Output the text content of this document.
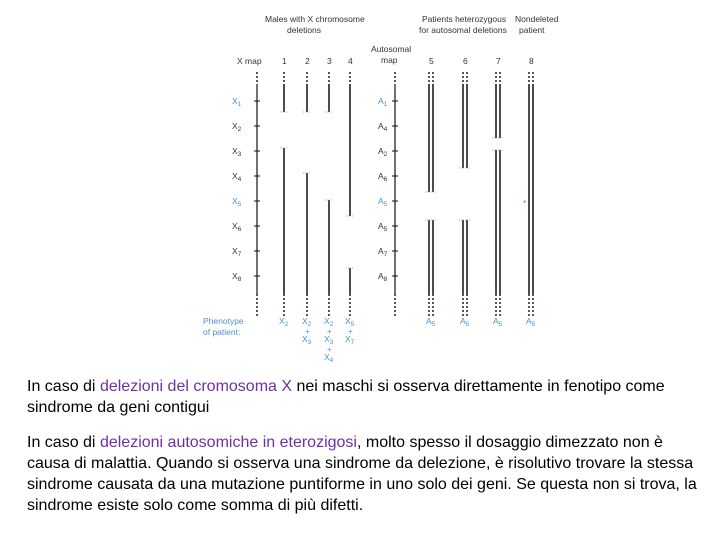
Males with X chromosome
deletions
Patients heterozygous
for autosomal deletions
Nondeleted
patient
X map
Autosomal
map
Phenotype
of patient:
*
1 2 3 4	5	6	7	8
$X_1$
$X_2$
$X_3$
$X_4$
$X_5$
$X_6$
$X_7$
$X_8$
$A_1$
$A_4$
$A_2$
$A_6$
$A_5$
$A_5$
$A_7$
$A_8$
$X_2$ $X_2$
+
$X_3$
$X_2$
+
$X_3$
+
$X_4$
$X_5$
+
$X_7$
$A_5$	$A_5$	$A_5$	$A_5$
In caso di delezioni del cromosoma X nei maschi si osserva direttamente in fenotipo come sindrome da geni contigui
In caso di delezioni autosomiche in eterozigosi, molto spesso il dosaggio dimezzato non è causa di malattia. Quando si osserva una sindrome da delezione, è risolutivo trovare la stessa sindrome causata da una mutazione puntiforme in uno solo dei geni. Se questa non si trova, la sindrome esiste solo come somma di più difetti.
